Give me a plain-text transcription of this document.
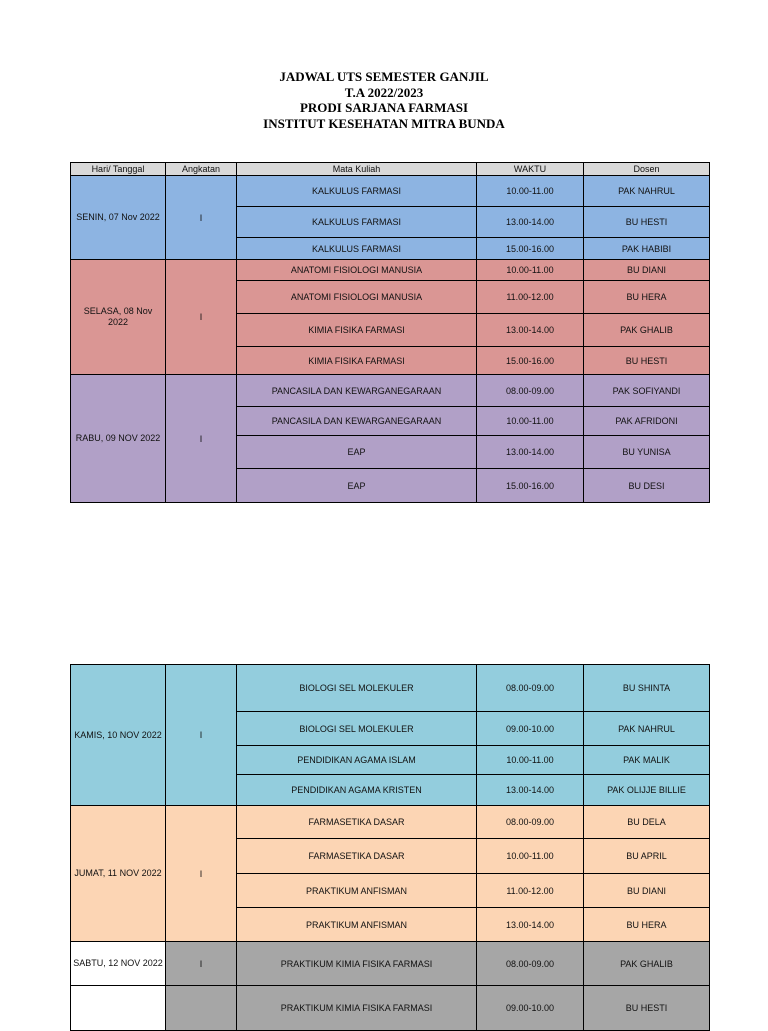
JADWAL UTS SEMESTER GANJIL
T.A 2022/2023
PRODI SARJANA FARMASI
INSTITUT KESEHATAN MITRA BUNDA
Hari/ Tanggal	Angkatan	Mata Kuliah	WAKTU	Dosen
SENIN, 07 Nov 2022	I	KALKULUS FARMASI	10.00-11.00	PAK NAHRUL
		KALKULUS FARMASI	13.00-14.00	BU HESTI
		KALKULUS FARMASI	15.00-16.00	PAK HABIBI
SELASA, 08 Nov 2022	I	ANATOMI FISIOLOGI MANUSIA	10.00-11.00	BU DIANI
		ANATOMI FISIOLOGI MANUSIA	11.00-12.00	BU HERA
		KIMIA FISIKA FARMASI	13.00-14.00	PAK GHALIB
		KIMIA FISIKA FARMASI	15.00-16.00	BU HESTI
RABU, 09 NOV 2022	I	PANCASILA DAN KEWARGANEGARAAN	08.00-09.00	PAK SOFIYANDI
		PANCASILA DAN KEWARGANEGARAAN	10.00-11.00	PAK AFRIDONI
		EAP	13.00-14.00	BU YUNISA
		EAP	15.00-16.00	BU DESI
KAMIS, 10 NOV 2022	I	BIOLOGI SEL MOLEKULER	08.00-09.00	BU SHINTA
		BIOLOGI SEL MOLEKULER	09.00-10.00	PAK NAHRUL
		PENDIDIKAN AGAMA ISLAM	10.00-11.00	PAK MALIK
		PENDIDIKAN AGAMA KRISTEN	13.00-14.00	PAK OLIJJE BILLIE
JUMAT, 11 NOV 2022	I	FARMASETIKA DASAR	08.00-09.00	BU DELA
		FARMASETIKA DASAR	10.00-11.00	BU APRIL
		PRAKTIKUM ANFISMAN	11.00-12.00	BU DIANI
		PRAKTIKUM ANFISMAN	13.00-14.00	BU HERA
SABTU, 12 NOV 2022	I	PRAKTIKUM KIMIA FISIKA FARMASI	08.00-09.00	PAK GHALIB
		PRAKTIKUM KIMIA FISIKA FARMASI	09.00-10.00	BU HESTI
